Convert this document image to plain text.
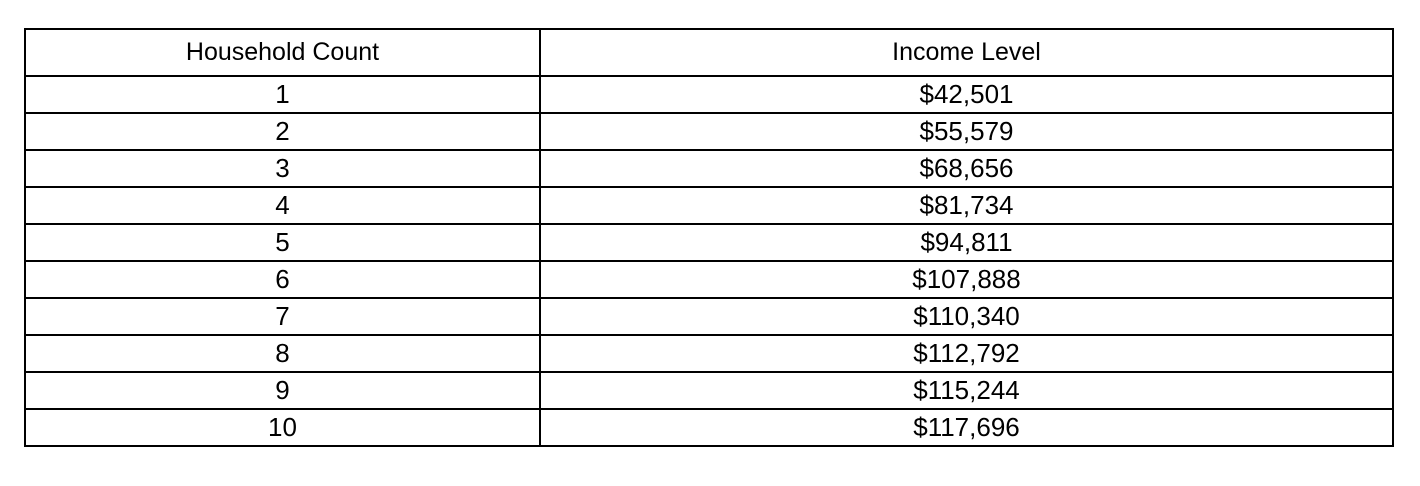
Household Count	Income Level
1	$42,501
2	$55,579
3	$68,656
4	$81,734
5	$94,811
6	$107,888
7	$110,340
8	$112,792
9	$115,244
10	$117,696
